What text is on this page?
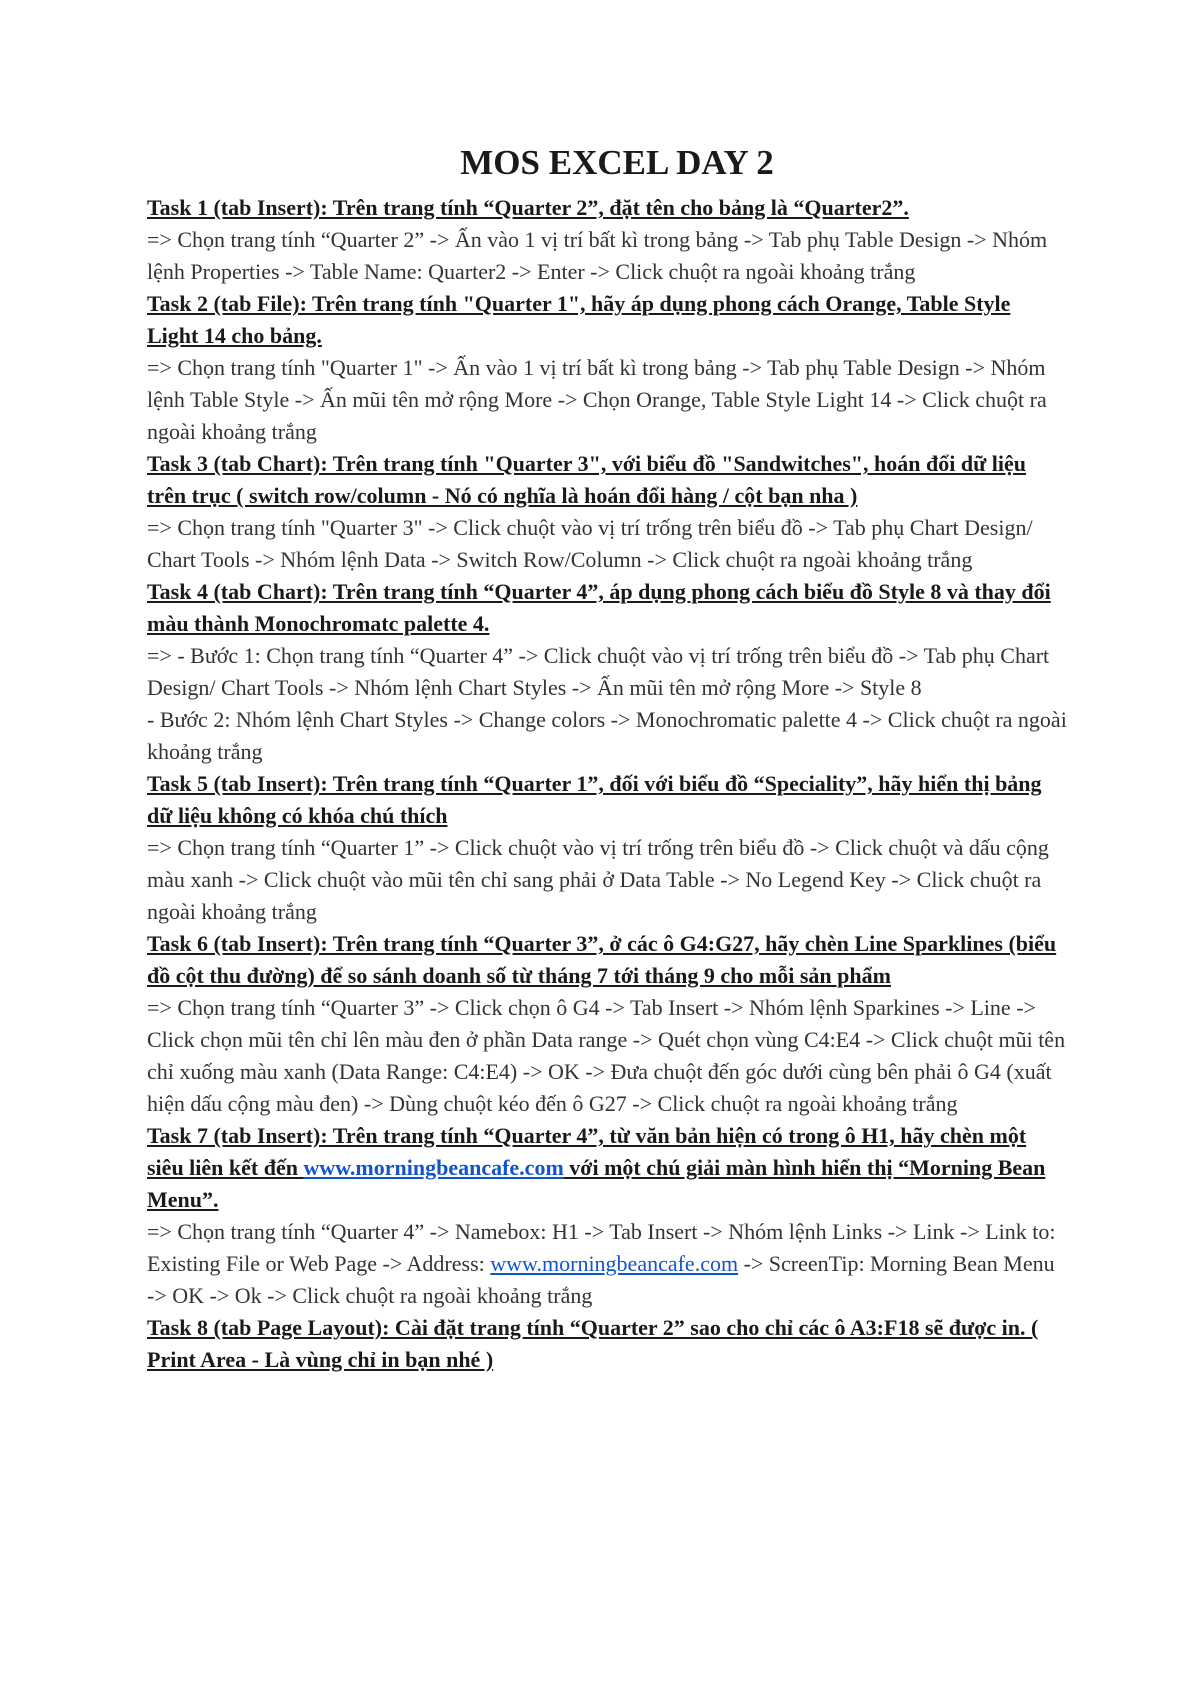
MOS EXCEL DAY 2

Task 1 (tab Insert): Trên trang tính “Quarter 2”, đặt tên cho bảng là “Quarter2”.

=> Chọn trang tính “Quarter 2” -> Ấn vào 1 vị trí bất kì trong bảng -> Tab phụ Table Design -> Nhóm lệnh Properties -> Table Name: Quarter2 -> Enter -> Click chuột ra ngoài khoảng trắng

Task 2 (tab File): Trên trang tính "Quarter 1", hãy áp dụng phong cách Orange, Table Style Light 14 cho bảng.

=> Chọn trang tính "Quarter 1" -> Ấn vào 1 vị trí bất kì trong bảng -> Tab phụ Table Design -> Nhóm lệnh Table Style -> Ấn mũi tên mở rộng More -> Chọn Orange, Table Style Light 14 -> Click chuột ra ngoài khoảng trắng

Task 3 (tab Chart): Trên trang tính "Quarter 3", với biểu đồ "Sandwitches", hoán đổi dữ liệu trên trục ( switch row/column - Nó có nghĩa là hoán đổi hàng / cột bạn nha )

=> Chọn trang tính "Quarter 3" -> Click chuột vào vị trí trống trên biểu đồ -> Tab phụ Chart Design/ Chart Tools -> Nhóm lệnh Data -> Switch Row/Column -> Click chuột ra ngoài khoảng trắng

Task 4 (tab Chart): Trên trang tính “Quarter 4”, áp dụng phong cách biểu đồ Style 8 và thay đổi màu thành Monochromatc palette 4.

=> - Bước 1: Chọn trang tính “Quarter 4” -> Click chuột vào vị trí trống trên biểu đồ -> Tab phụ Chart Design/ Chart Tools -> Nhóm lệnh Chart Styles -> Ấn mũi tên mở rộng More -> Style 8

- Bước 2: Nhóm lệnh Chart Styles -> Change colors -> Monochromatic palette 4 -> Click chuột ra ngoài khoảng trắng

Task 5 (tab Insert): Trên trang tính “Quarter 1”, đối với biểu đồ “Speciality”, hãy hiển thị bảng dữ liệu không có khóa chú thích

=> Chọn trang tính “Quarter 1” -> Click chuột vào vị trí trống trên biểu đồ -> Click chuột và dấu cộng màu xanh -> Click chuột vào mũi tên chỉ sang phải ở Data Table -> No Legend Key -> Click chuột ra ngoài khoảng trắng

Task 6 (tab Insert): Trên trang tính “Quarter 3”, ở các ô G4:G27, hãy chèn Line Sparklines (biểu đồ cột thu đường) để so sánh doanh số từ tháng 7 tới tháng 9 cho mỗi sản phẩm

=> Chọn trang tính “Quarter 3” -> Click chọn ô G4 -> Tab Insert -> Nhóm lệnh Sparkines -> Line -> Click chọn mũi tên chỉ lên màu đen ở phần Data range -> Quét chọn vùng C4:E4 -> Click chuột mũi tên chỉ xuống màu xanh (Data Range: C4:E4) -> OK -> Đưa chuột đến góc dưới cùng bên phải ô G4 (xuất hiện dấu cộng màu đen) -> Dùng chuột kéo đến ô G27 -> Click chuột ra ngoài khoảng trắng

Task 7 (tab Insert): Trên trang tính “Quarter 4”, từ văn bản hiện có trong ô H1, hãy chèn một siêu liên kết đến www.morningbeancafe.com với một chú giải màn hình hiển thị “Morning Bean Menu”.

=> Chọn trang tính “Quarter 4” -> Namebox: H1 -> Tab Insert -> Nhóm lệnh Links -> Link -> Link to: Existing File or Web Page -> Address: www.morningbeancafe.com -> ScreenTip: Morning Bean Menu -> OK -> Ok -> Click chuột ra ngoài khoảng trắng

Task 8 (tab Page Layout): Cài đặt trang tính “Quarter 2” sao cho chỉ các ô A3:F18 sẽ được in. ( Print Area - Là vùng chỉ in bạn nhé )
